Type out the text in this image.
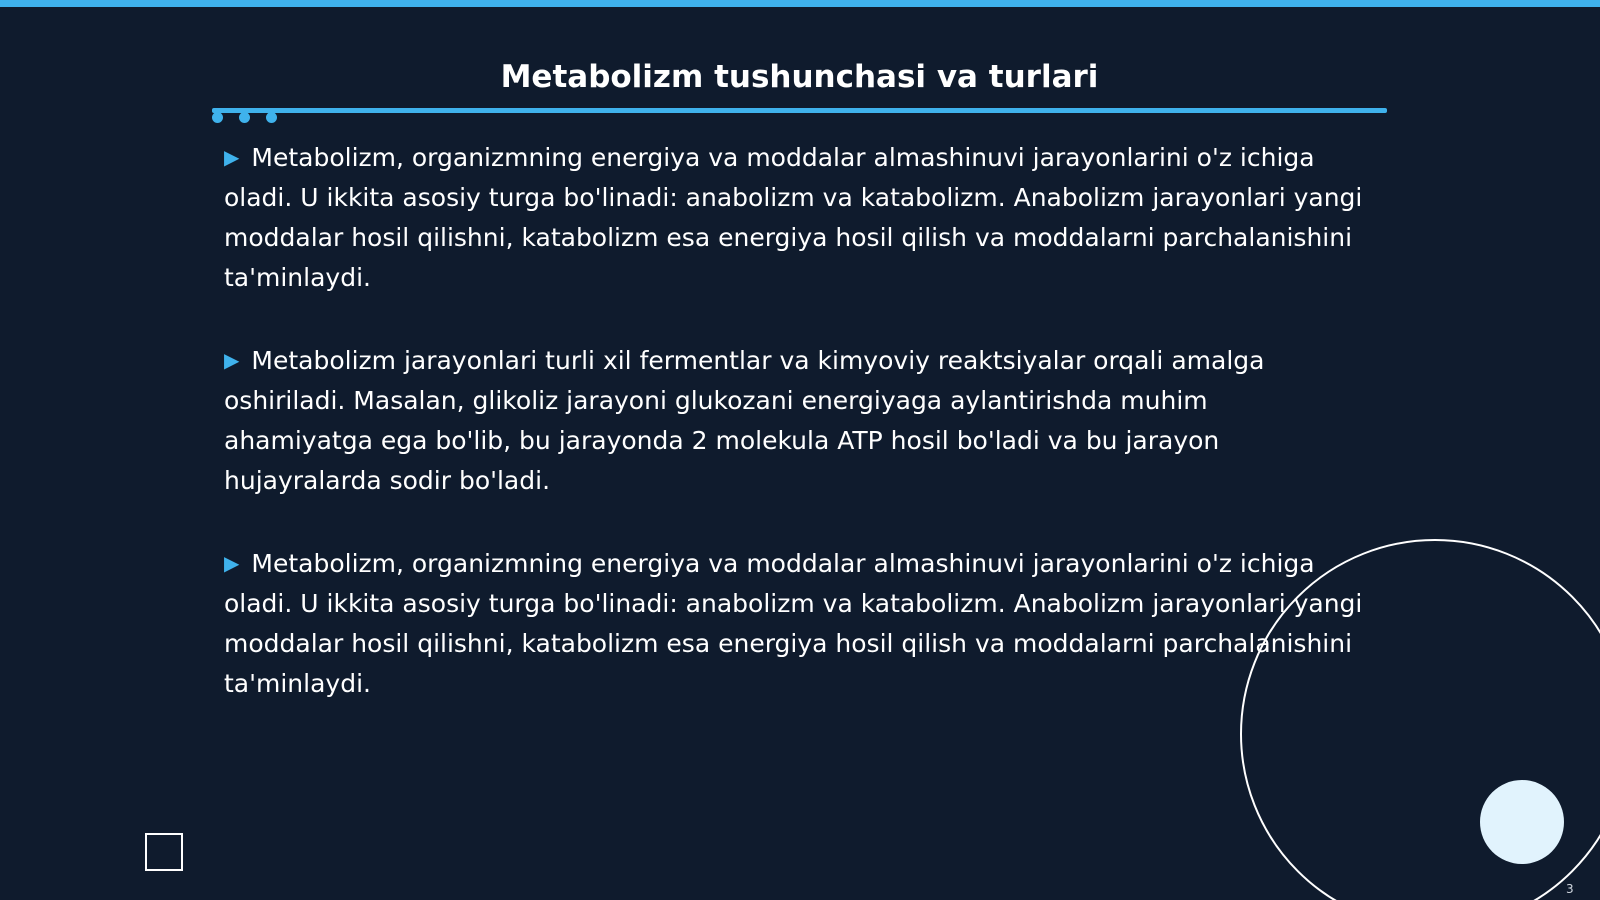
Metabolizm tushunchasi va turlari

▶ Metabolizm, organizmning energiya va moddalar almashinuvi jarayonlarini o'z ichiga oladi. U ikkita asosiy turga bo'linadi: anabolizm va katabolizm. Anabolizm jarayonlari yangi moddalar hosil qilishni, katabolizm esa energiya hosil qilish va moddalarni parchalanishini ta'minlaydi.

▶ Metabolizm jarayonlari turli xil fermentlar va kimyoviy reaktsiyalar orqali amalga oshiriladi. Masalan, glikoliz jarayoni glukozani energiyaga aylantirishda muhim ahamiyatga ega bo'lib, bu jarayonda 2 molekula ATP hosil bo'ladi va bu jarayon hujayralarda sodir bo'ladi.

▶ Metabolizm, organizmning energiya va moddalar almashinuvi jarayonlarini o'z ichiga oladi. U ikkita asosiy turga bo'linadi: anabolizm va katabolizm. Anabolizm jarayonlari yangi moddalar hosil qilishni, katabolizm esa energiya hosil qilish va moddalarni parchalanishini ta'minlaydi.

3
